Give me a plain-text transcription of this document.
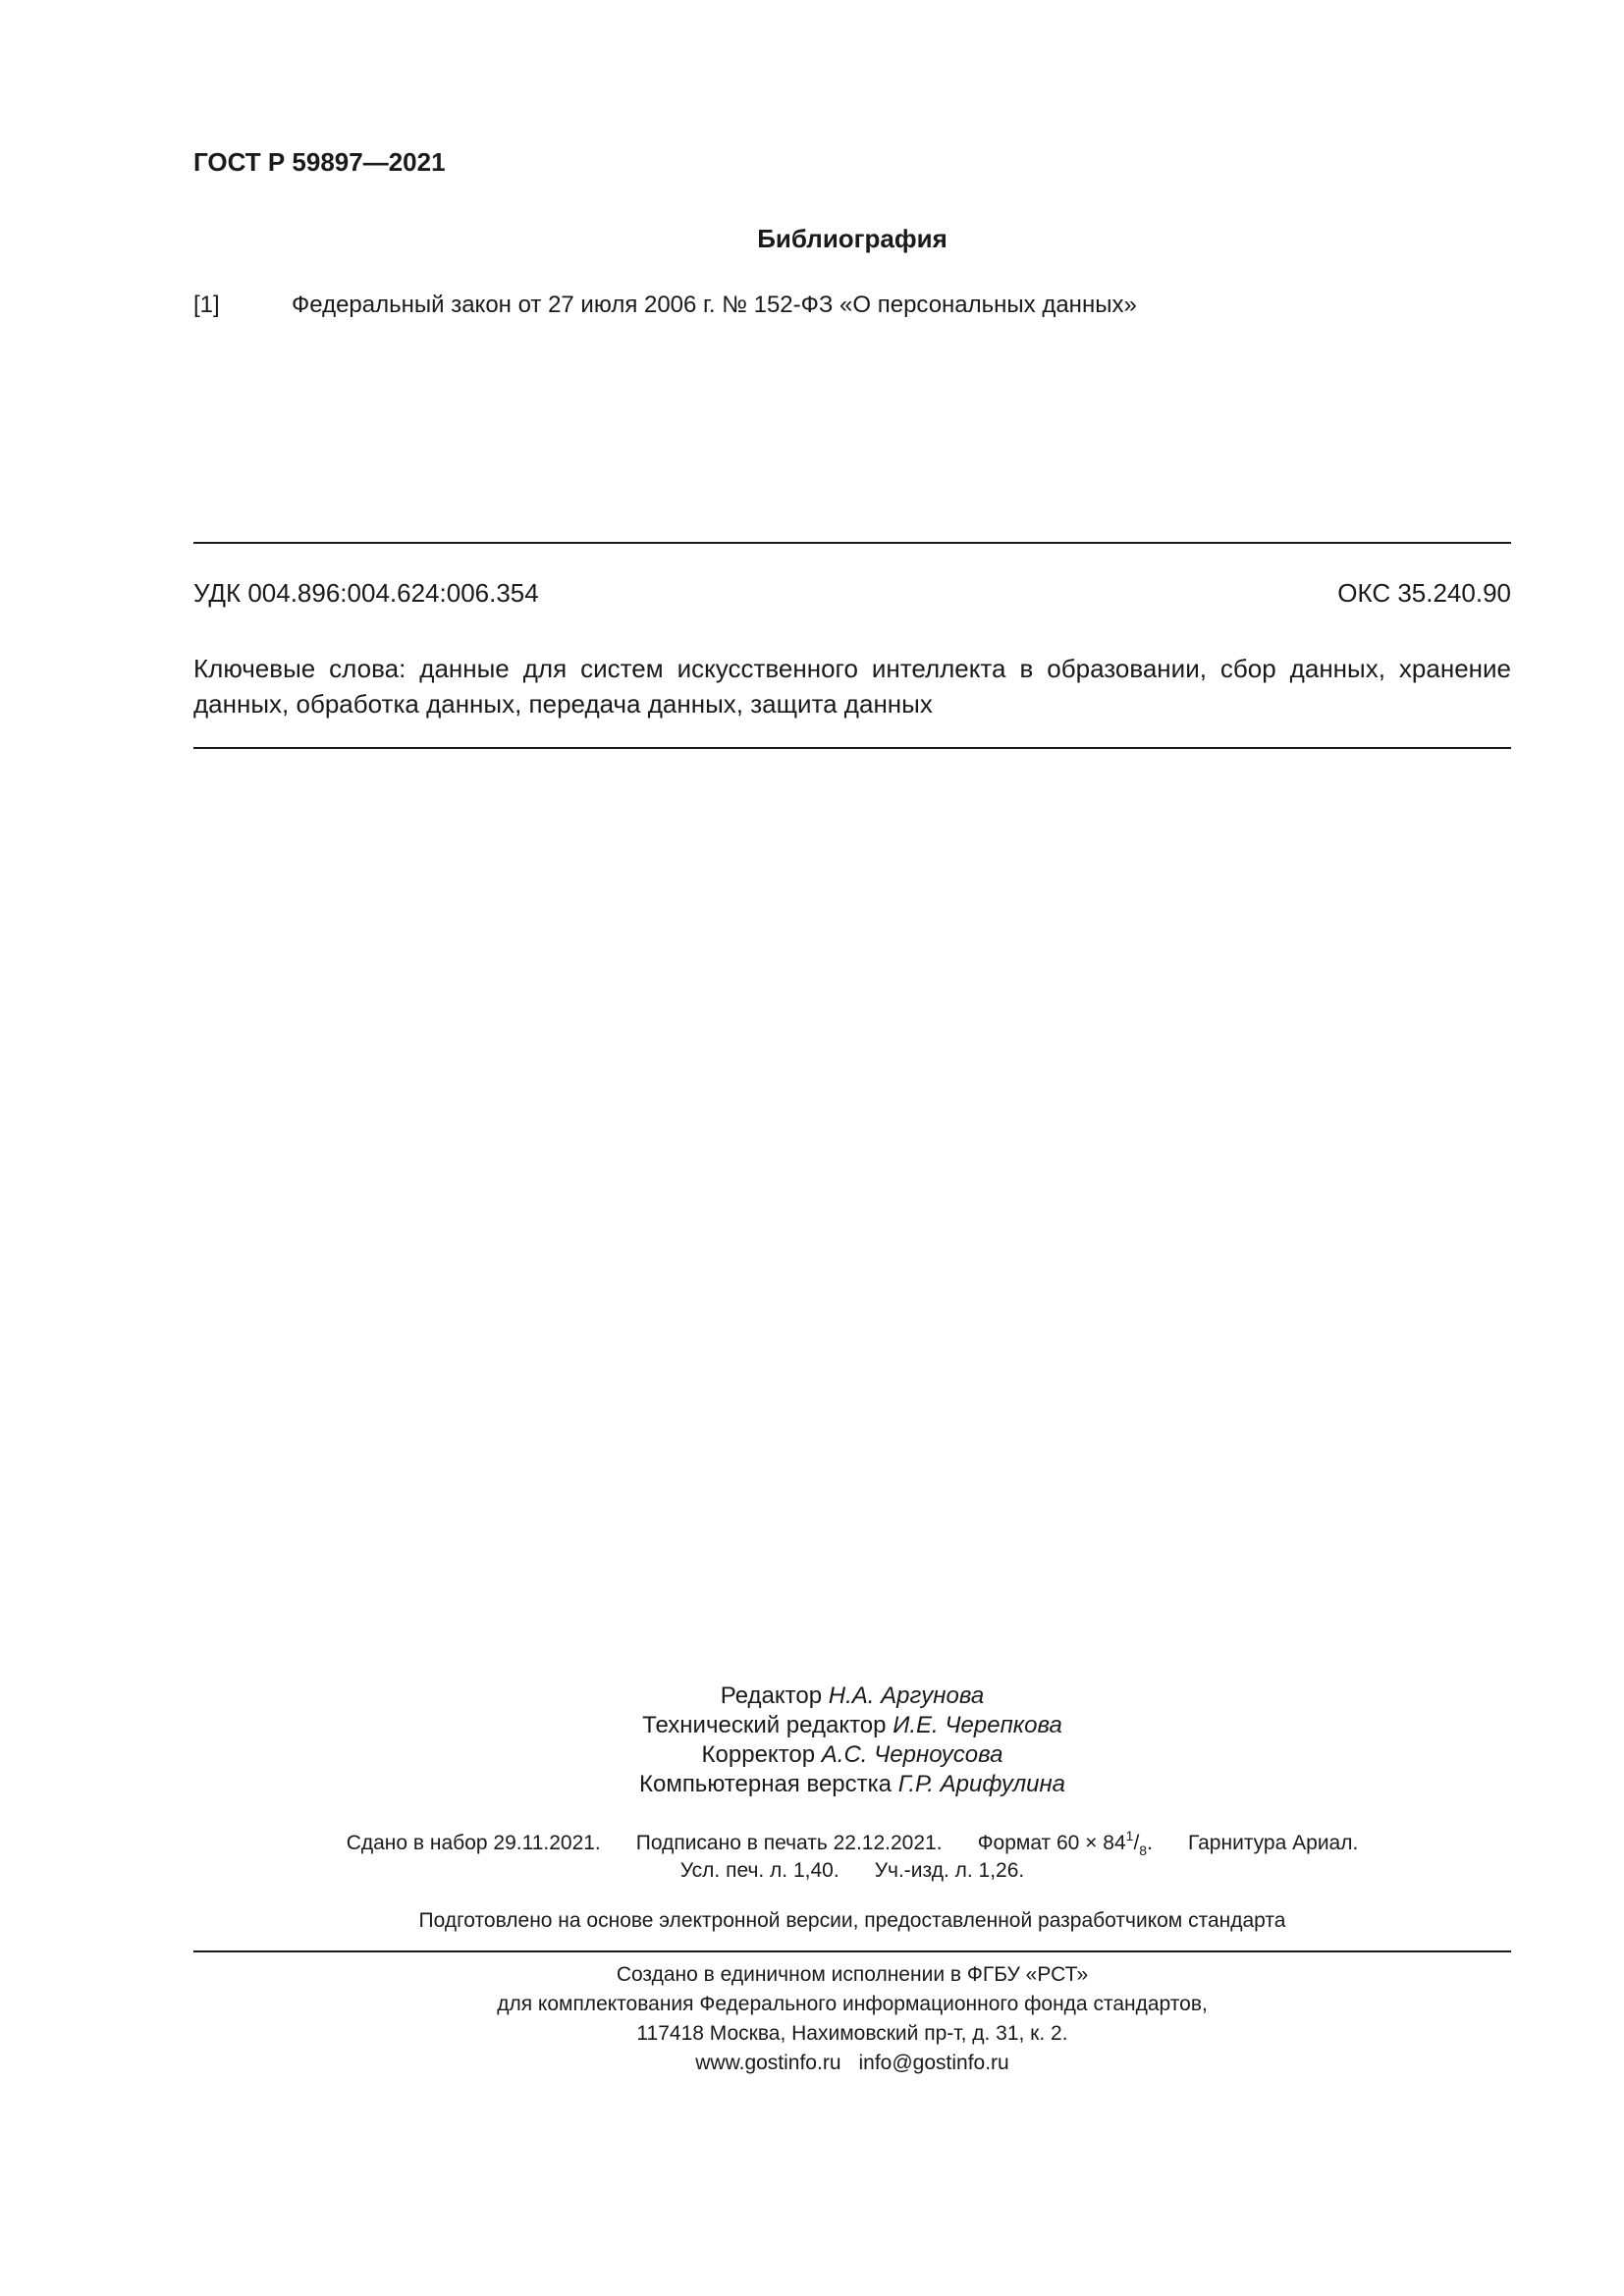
ГОСТ Р 59897—2021
Библиография
[1]	Федеральный закон от 27 июля 2006 г. № 152-ФЗ «О персональных данных»
УДК 004.896:004.624:006.354	ОКС 35.240.90
Ключевые слова: данные для систем искусственного интеллекта в образовании, сбор данных, хранение данных, обработка данных, передача данных, защита данных
Редактор Н.А. Аргунова
Технический редактор И.Е. Черепкова
Корректор А.С. Черноусова
Компьютерная верстка Г.Р. Арифулина
Сдано в набор 29.11.2021. Подписано в печать 22.12.2021. Формат $60 \times 84^1/_8$. Гарнитура Ариал.
Усл. печ. л. 1,40. Уч.-изд. л. 1,26.
Подготовлено на основе электронной версии, предоставленной разработчиком стандарта
Создано в единичном исполнении в ФГБУ «РСТ»
для комплектования Федерального информационного фонда стандартов,
117418 Москва, Нахимовский пр-т, д. 31, к. 2.
www.gostinfo.ru info@gostinfo.ru
